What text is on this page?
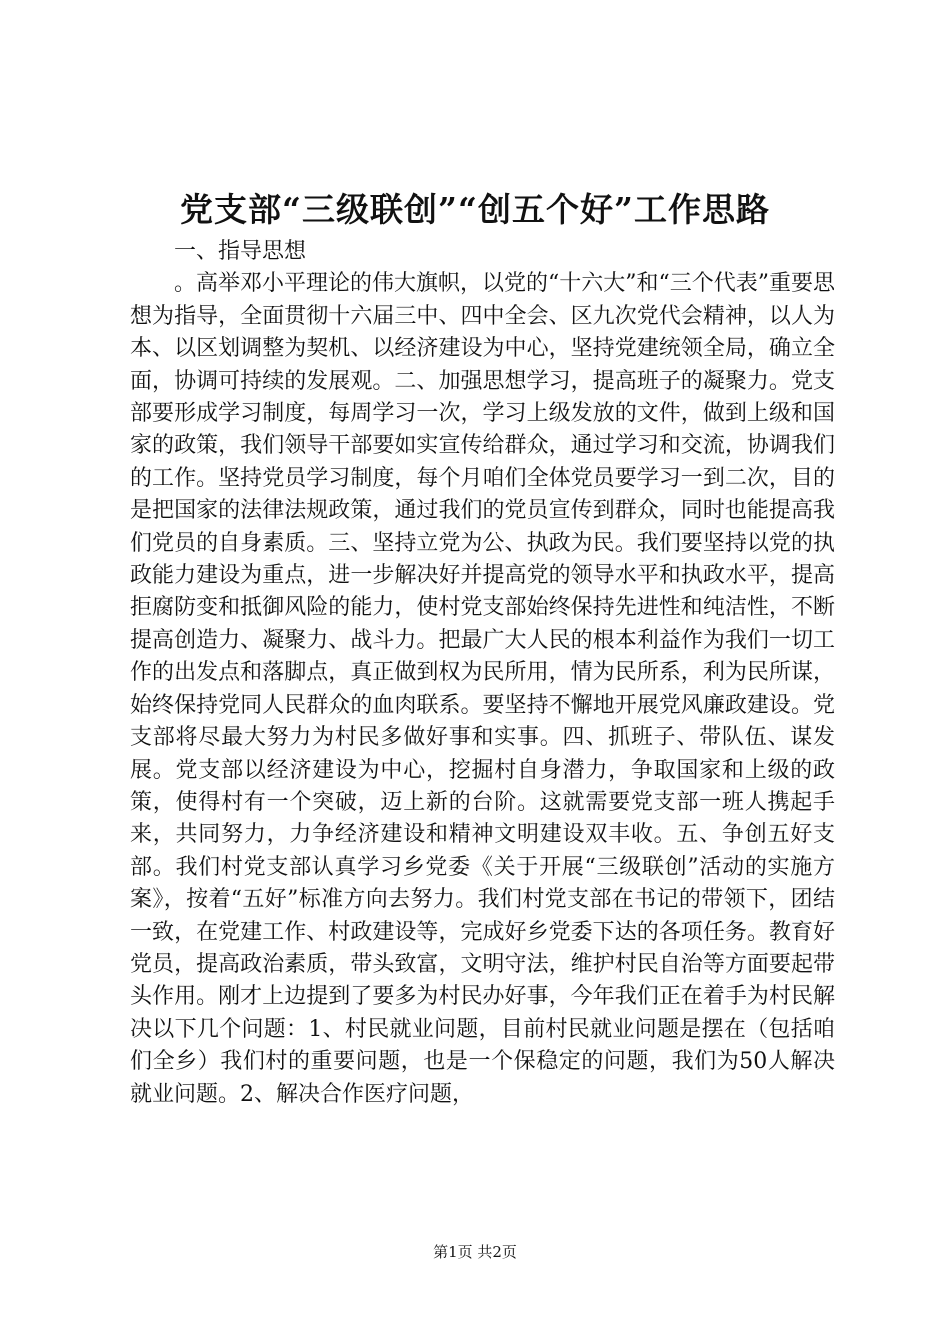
党支部“三级联创”“创五个好”工作思路
一、指导思想
。高举邓小平理论的伟大旗帜，以党的“十六大”和“三个代表”重要思想为指导，全面贯彻十六届三中、四中全会、区九次党代会精神，以人为本、以区划调整为契机、以经济建设为中心，坚持党建统领全局，确立全面，协调可持续的发展观。二、加强思想学习，提高班子的凝聚力。党支部要形成学习制度，每周学习一次，学习上级发放的文件，做到上级和国家的政策，我们领导干部要如实宣传给群众，通过学习和交流，协调我们的工作。坚持党员学习制度，每个月咱们全体党员要学习一到二次，目的是把国家的法律法规政策，通过我们的党员宣传到群众，同时也能提高我们党员的自身素质。三、坚持立党为公、执政为民。我们要坚持以党的执政能力建设为重点，进一步解决好并提高党的领导水平和执政水平，提高拒腐防变和抵御风险的能力，使村党支部始终保持先进性和纯洁性，不断提高创造力、凝聚力、战斗力。把最广大人民的根本利益作为我们一切工作的出发点和落脚点，真正做到权为民所用，情为民所系，利为民所谋，始终保持党同人民群众的血肉联系。要坚持不懈地开展党风廉政建设。党支部将尽最大努力为村民多做好事和实事。四、抓班子、带队伍、谋发展。党支部以经济建设为中心，挖掘村自身潜力，争取国家和上级的政策，使得村有一个突破，迈上新的台阶。这就需要党支部一班人携起手来，共同努力，力争经济建设和精神文明建设双丰收。五、争创五好支部。我们村党支部认真学习乡党委《关于开展“三级联创”活动的实施方案》，按着“五好”标准方向去努力。我们村党支部在书记的带领下，团结一致，在党建工作、村政建设等，完成好乡党委下达的各项任务。教育好党员，提高政治素质，带头致富，文明守法，维护村民自治等方面要起带头作用。刚才上边提到了要多为村民办好事，今年我们正在着手为村民解决以下几个问题：1、村民就业问题，目前村民就业问题是摆在（包括咱们全乡）我们村的重要问题，也是一个保稳定的问题，我们为50人解决就业问题。2、解决合作医疗问题，
第1页 共2页
